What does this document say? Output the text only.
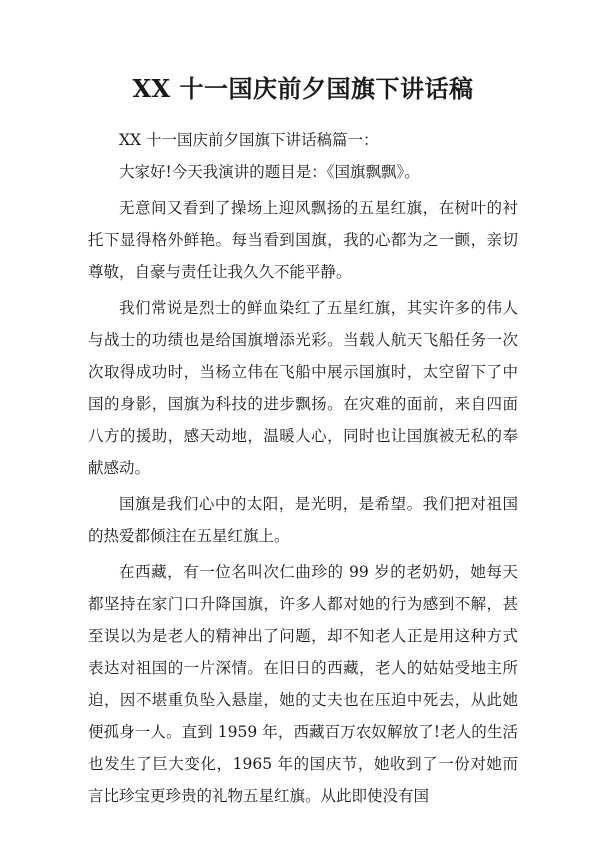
XX 十一国庆前夕国旗下讲话稿

XX 十一国庆前夕国旗下讲话稿篇一：

大家好!今天我演讲的题目是：《国旗飘飘》。

无意间又看到了操场上迎风飘扬的五星红旗，在树叶的衬托下显得格外鲜艳。每当看到国旗，我的心都为之一颤，亲切尊敬，自豪与责任让我久久不能平静。

我们常说是烈士的鲜血染红了五星红旗，其实许多的伟人与战士的功绩也是给国旗增添光彩。当载人航天飞船任务一次次取得成功时，当杨立伟在飞船中展示国旗时，太空留下了中国的身影，国旗为科技的进步飘扬。在灾难的面前，来自四面八方的援助，感天动地，温暖人心，同时也让国旗被无私的奉献感动。

国旗是我们心中的太阳，是光明，是希望。我们把对祖国的热爱都倾注在五星红旗上。

在西藏，有一位名叫次仁曲珍的 99 岁的老奶奶，她每天都坚持在家门口升降国旗，许多人都对她的行为感到不解，甚至误以为是老人的精神出了问题，却不知老人正是用这种方式表达对祖国的一片深情。在旧日的西藏，老人的姑姑受地主所迫，因不堪重负坠入悬崖，她的丈夫也在压迫中死去，从此她便孤身一人。直到 1959 年，西藏百万农奴解放了!老人的生活也发生了巨大变化，1965 年的国庆节，她收到了一份对她而言比珍宝更珍贵的礼物五星红旗。从此即使没有国
